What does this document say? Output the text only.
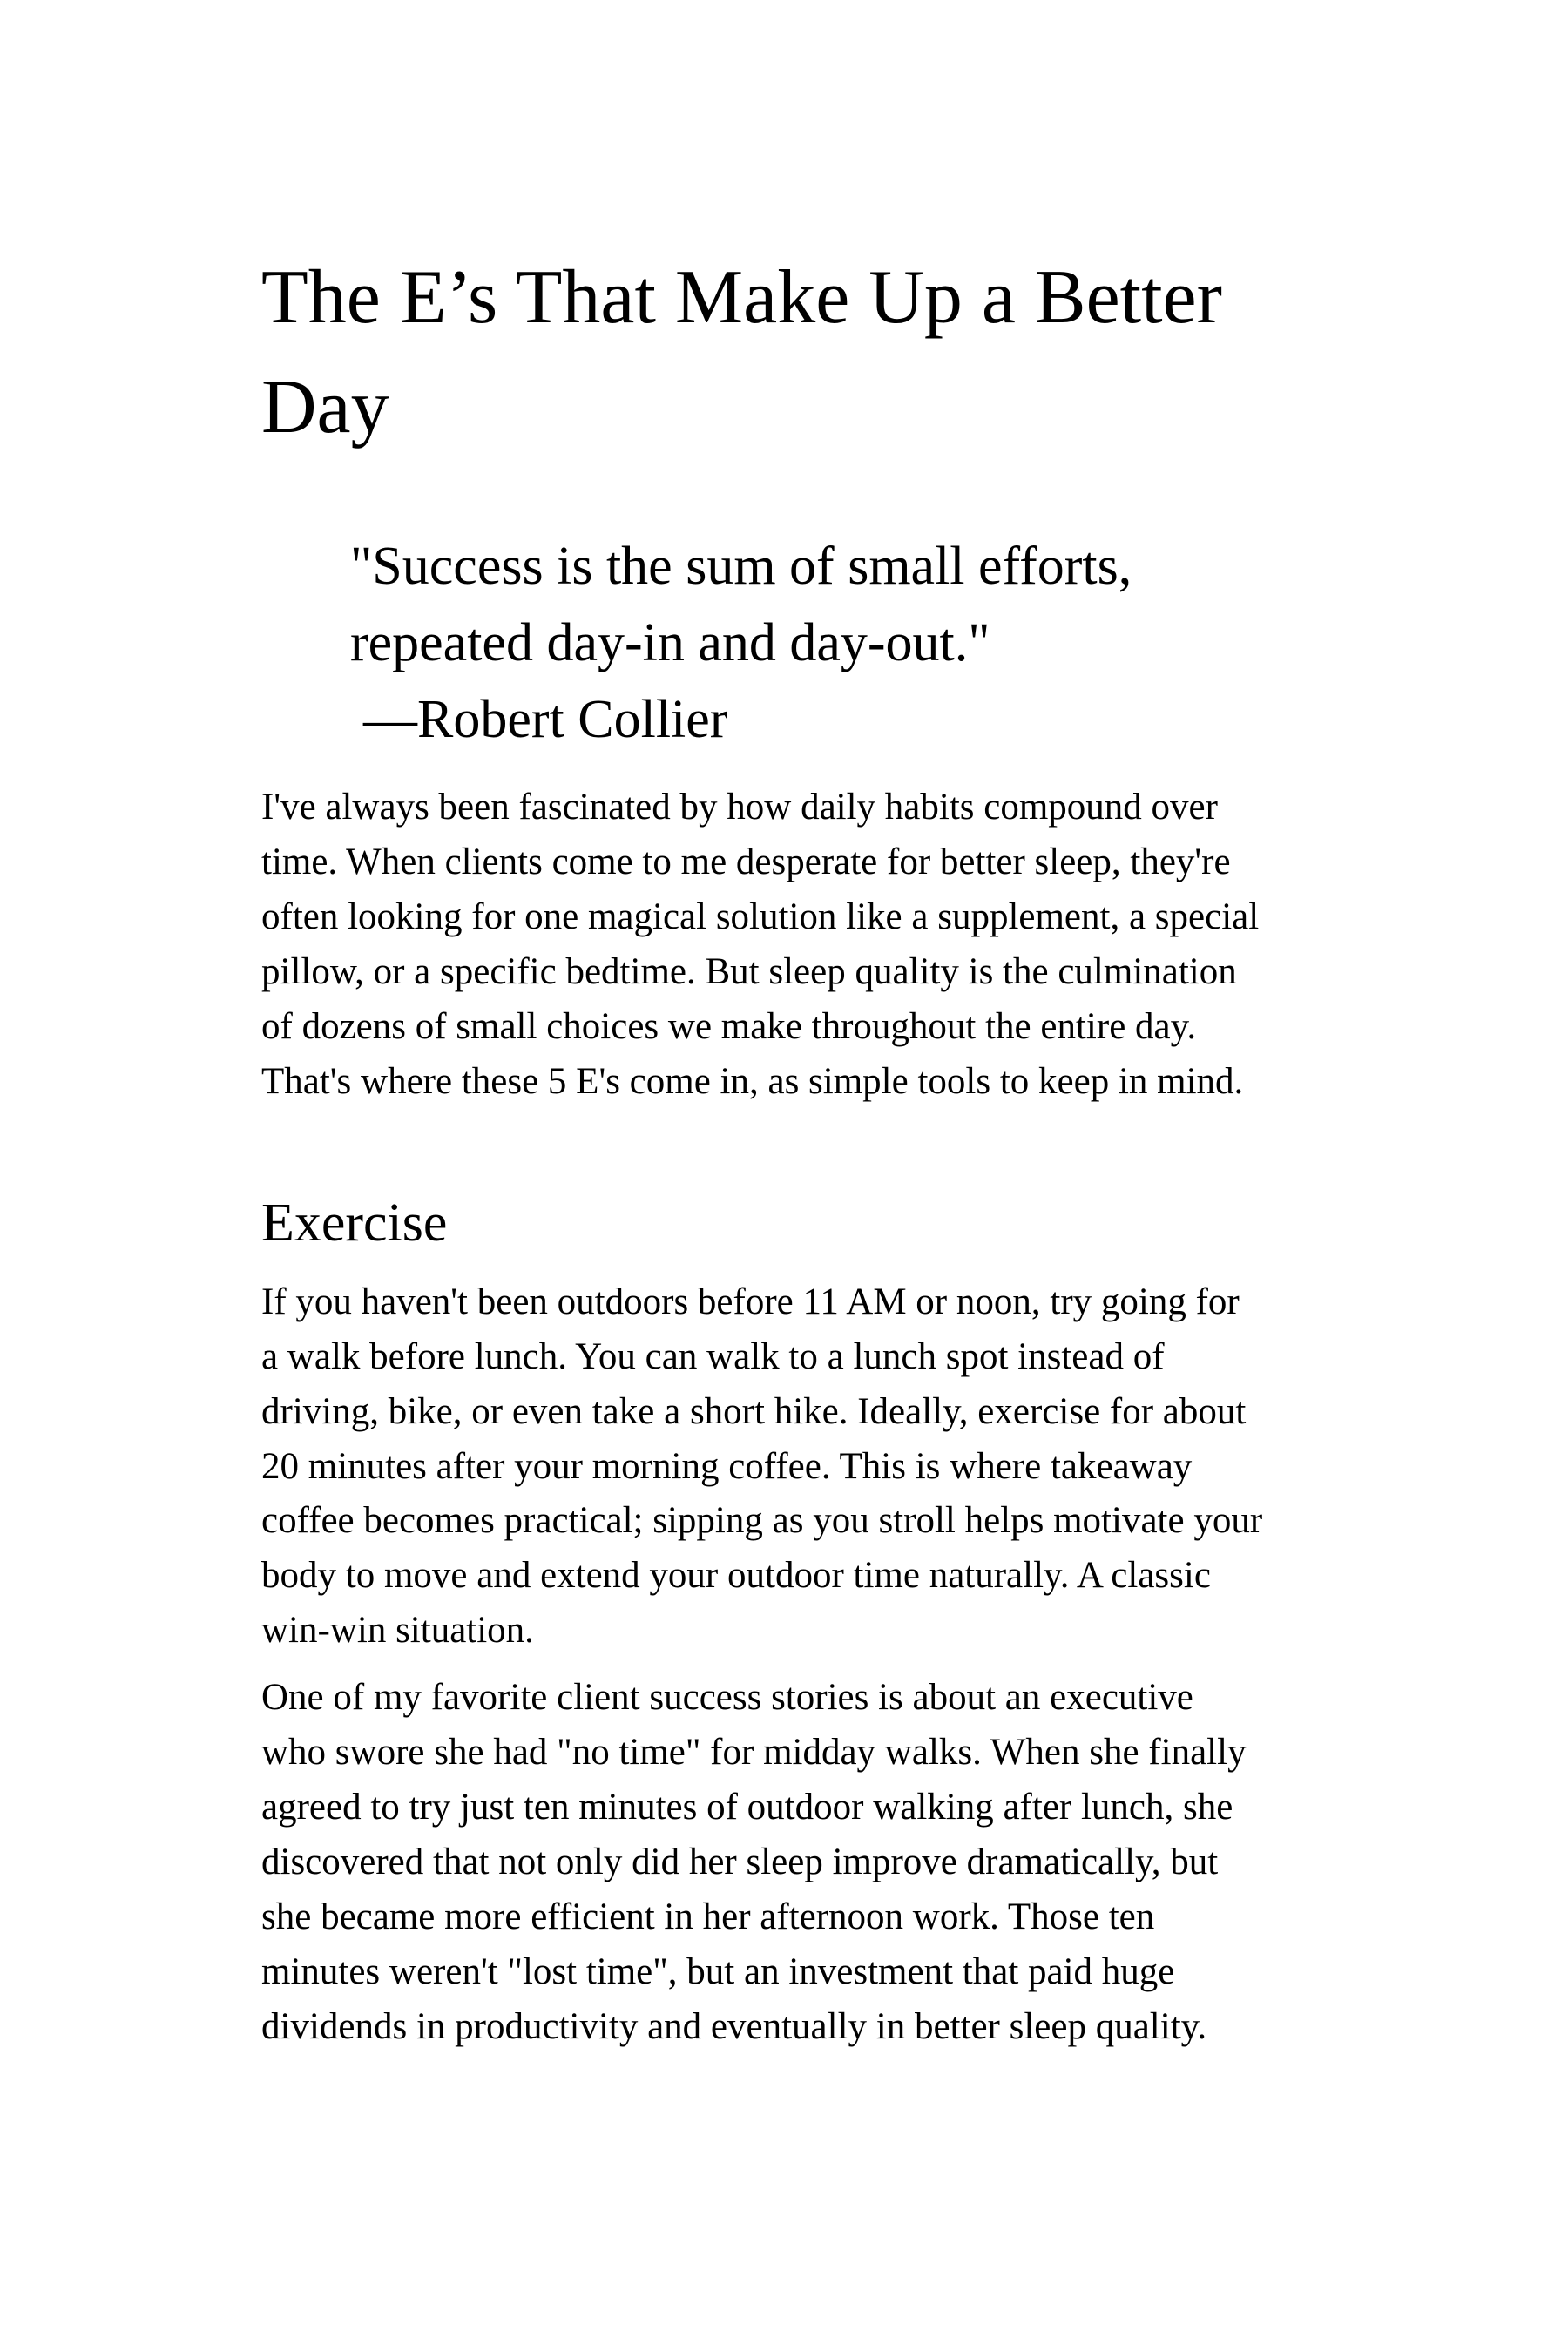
The E’s That Make Up a Better Day
"Success is the sum of small efforts,
repeated day-in and day-out."
—Robert Collier

I've always been fascinated by how daily habits compound over time. When clients come to me desperate for better sleep, they're often looking for one magical solution like a supplement, a special pillow, or a specific bedtime. But sleep quality is the culmination of dozens of small choices we make throughout the entire day. That's where these 5 E's come in, as simple tools to keep in mind.

Exercise

If you haven't been outdoors before 11 AM or noon, try going for a walk before lunch. You can walk to a lunch spot instead of driving, bike, or even take a short hike. Ideally, exercise for about 20 minutes after your morning coffee. This is where takeaway coffee becomes practical; sipping as you stroll helps motivate your body to move and extend your outdoor time naturally. A classic win-win situation.

One of my favorite client success stories is about an executive who swore she had "no time" for midday walks. When she finally agreed to try just ten minutes of outdoor walking after lunch, she discovered that not only did her sleep improve dramatically, but she became more efficient in her afternoon work. Those ten minutes weren't "lost time", but an investment that paid huge dividends in productivity and eventually in better sleep quality.
